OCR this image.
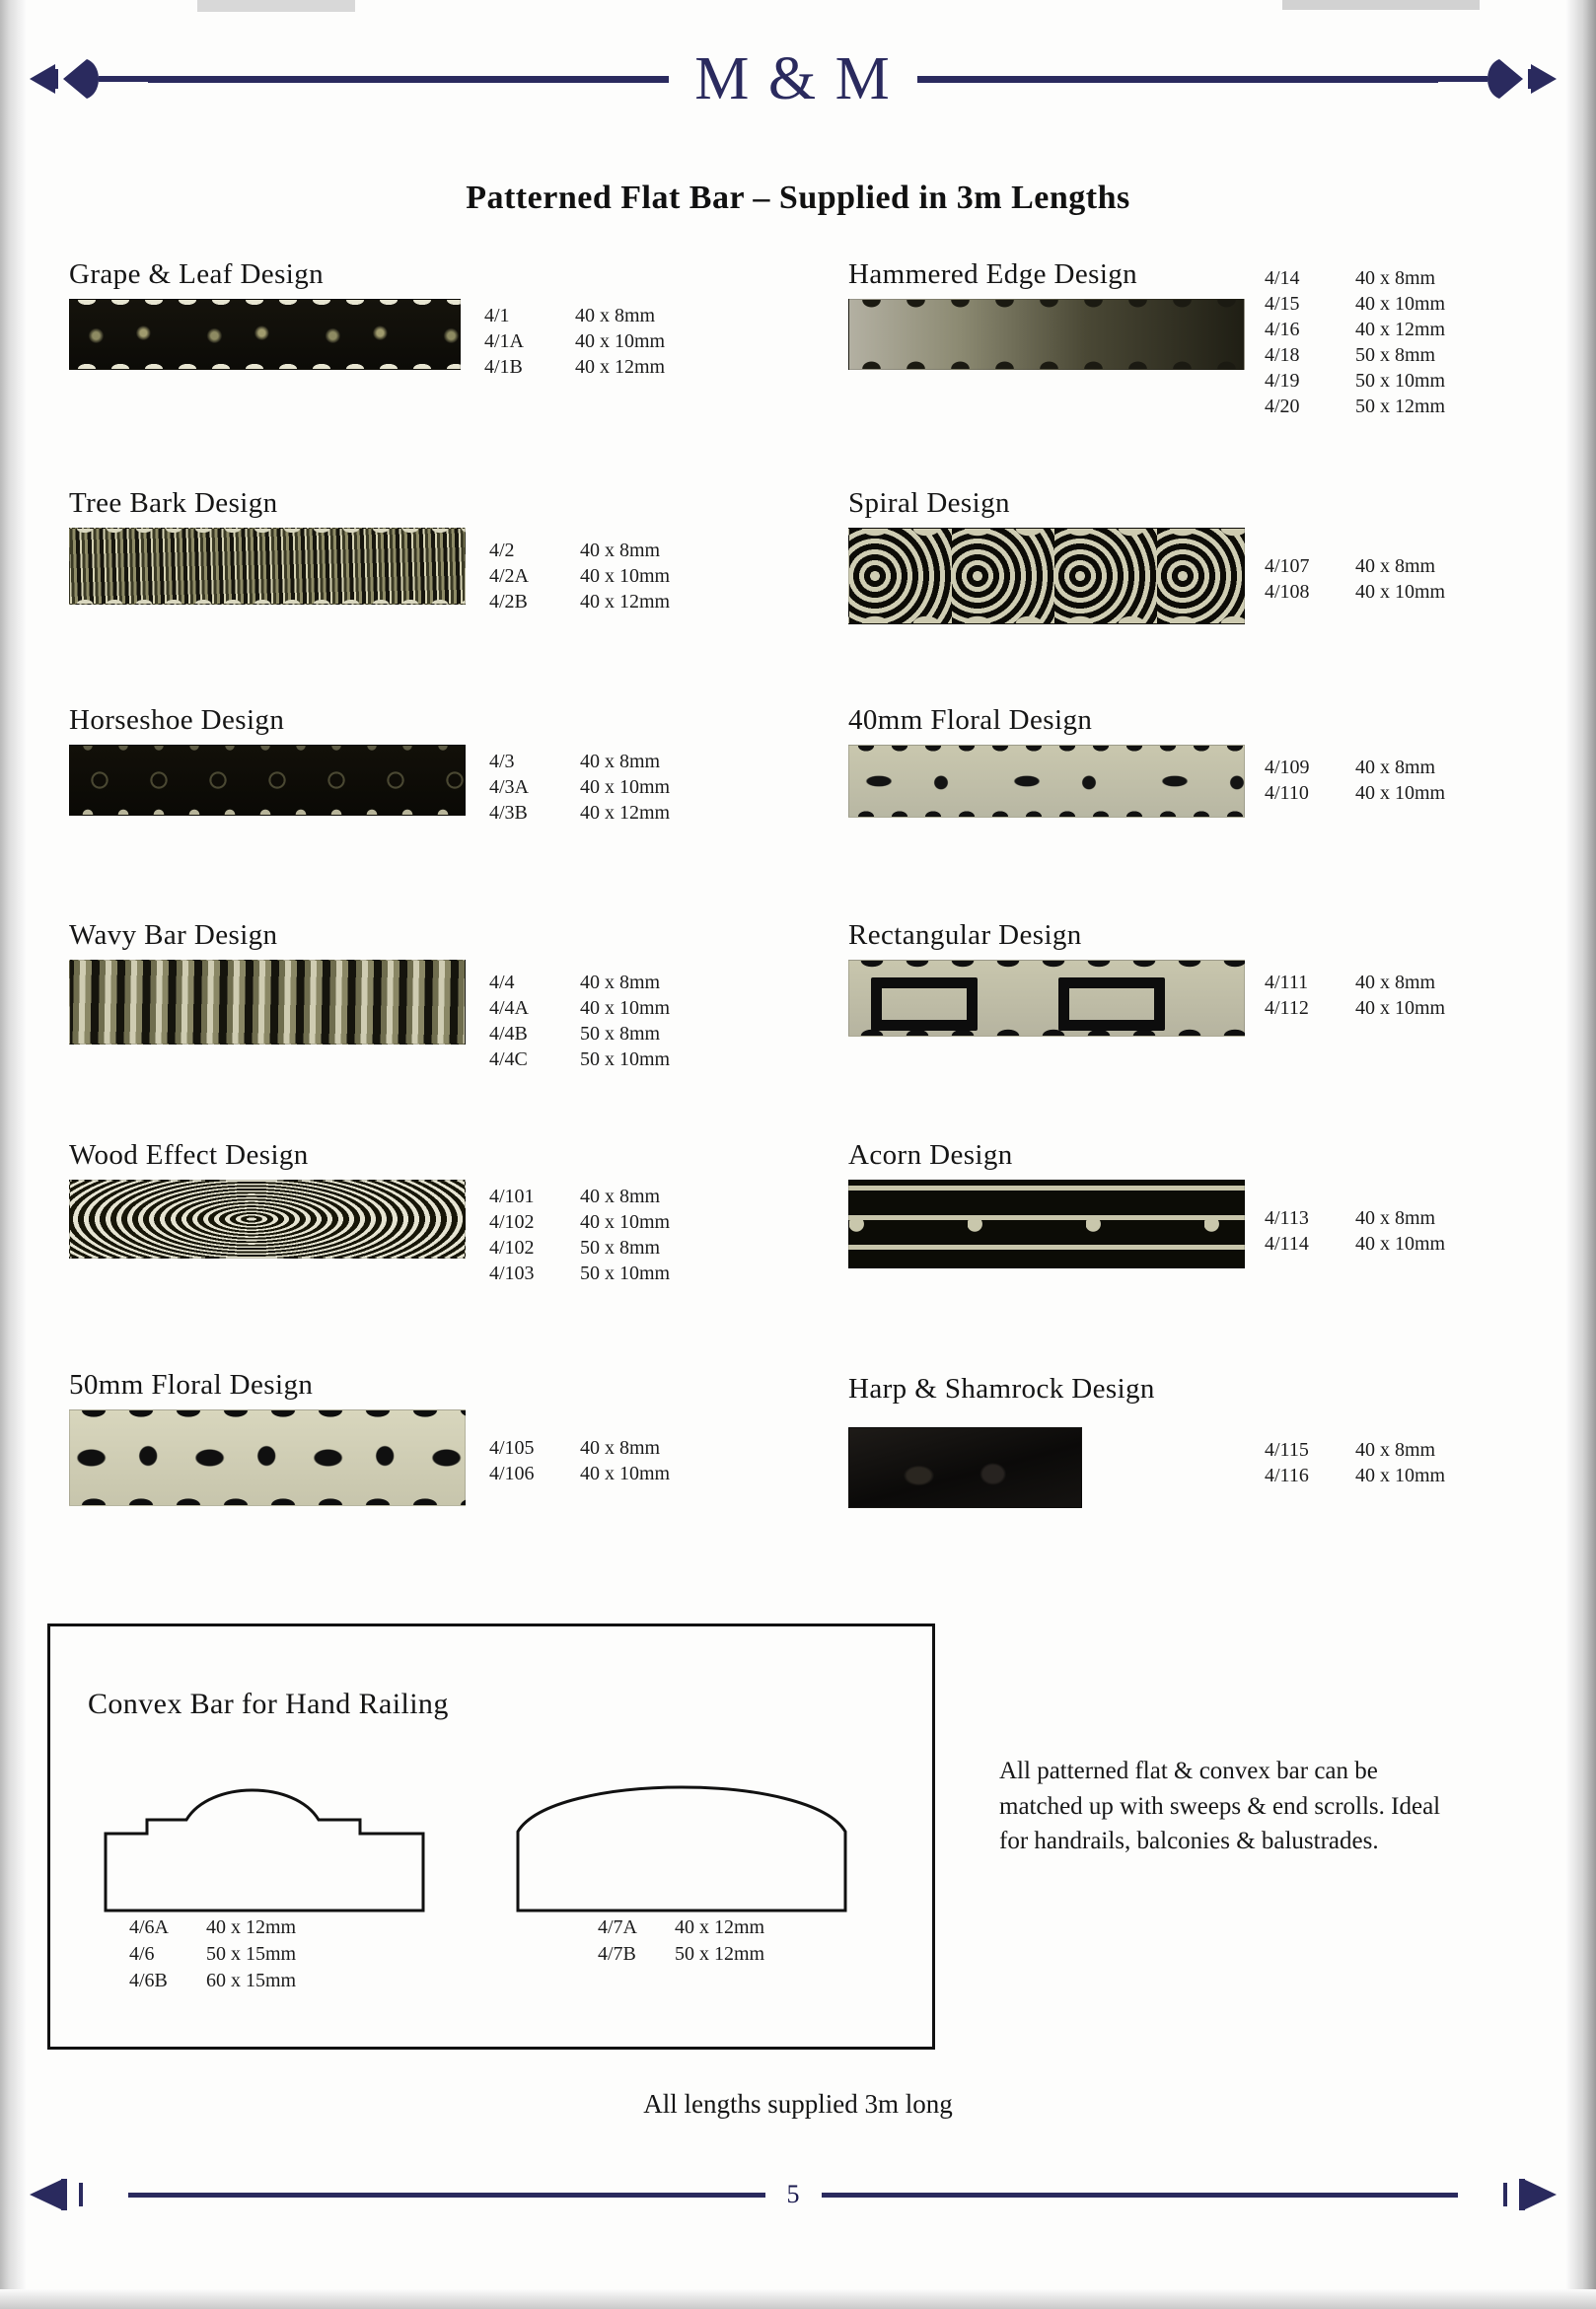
M & M
Patterned Flat Bar – Supplied in 3m Lengths
Grape & Leaf Design
4/1	40 x 8mm
4/1A	40 x 10mm
4/1B	40 x 12mm
Hammered Edge Design	4/14	40 x 8mm
4/15	40 x 10mm
4/16	40 x 12mm
4/18	50 x 8mm
4/19	50 x 10mm
4/20	50 x 12mm
Tree Bark Design
4/2	40 x 8mm
4/2A	40 x 10mm
4/2B	40 x 12mm
Spiral Design
4/107	40 x 8mm
4/108	40 x 10mm
Horseshoe Design
4/3	40 x 8mm
4/3A	40 x 10mm
4/3B	40 x 12mm
40mm Floral Design
4/109	40 x 8mm
4/110	40 x 10mm
Wavy Bar Design
4/4	40 x 8mm
4/4A	40 x 10mm
4/4B	50 x 8mm
4/4C	50 x 10mm
Rectangular Design
4/111	40 x 8mm
4/112	40 x 10mm
Wood Effect Design
4/101	40 x 8mm
4/102	40 x 10mm
4/102	50 x 8mm
4/103	50 x 10mm
Acorn Design
4/113	40 x 8mm
4/114	40 x 10mm
50mm Floral Design
4/105	40 x 8mm
4/106	40 x 10mm
Harp & Shamrock Design
4/115	40 x 8mm
4/116	40 x 10mm
Convex Bar for Hand Railing
4/6A	40 x 12mm
4/6	50 x 15mm
4/6B	60 x 15mm
4/7A	40 x 12mm
4/7B	50 x 12mm
All patterned flat & convex bar can be matched up with sweeps & end scrolls. Ideal for handrails, balconies & balustrades.
All lengths supplied 3m long
5
